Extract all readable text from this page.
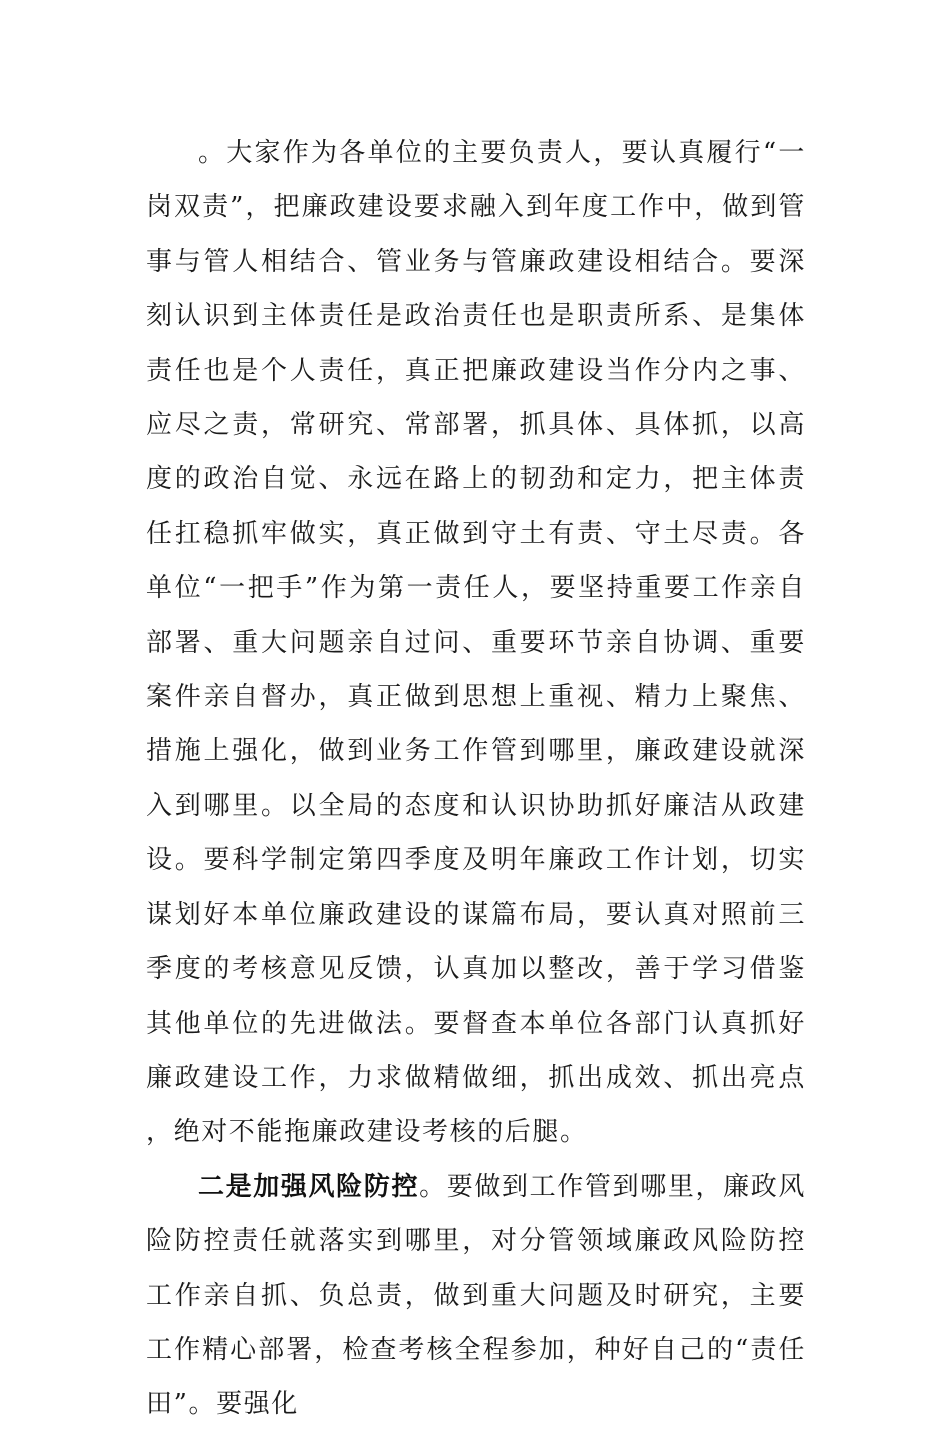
。大家作为各单位的主要负责人，要认真履行“一岗双责”，把廉政建设要求融入到年度工作中，做到管事与管人相结合、管业务与管廉政建设相结合。要深刻认识到主体责任是政治责任也是职责所系、是集体责任也是个人责任，真正把廉政建设当作分内之事、应尽之责，常研究、常部署，抓具体、具体抓，以高度的政治自觉、永远在路上的韧劲和定力，把主体责任扛稳抓牢做实，真正做到守土有责、守土尽责。各单位“一把手”作为第一责任人，要坚持重要工作亲自部署、重大问题亲自过问、重要环节亲自协调、重要案件亲自督办，真正做到思想上重视、精力上聚焦、措施上强化，做到业务工作管到哪里，廉政建设就深入到哪里。以全局的态度和认识协助抓好廉洁从政建设。要科学制定第四季度及明年廉政工作计划，切实谋划好本单位廉政建设的谋篇布局，要认真对照前三季度的考核意见反馈，认真加以整改，善于学习借鉴其他单位的先进做法。要督查本单位各部门认真抓好廉政建设工作，力求做精做细，抓出成效、抓出亮点，绝对不能拖廉政建设考核的后腿。

二是加强风险防控。要做到工作管到哪里，廉政风险防控责任就落实到哪里，对分管领域廉政风险防控工作亲自抓、负总责，做到重大问题及时研究，主要工作精心部署，检查考核全程参加，种好自己的“责任田”。要强化
